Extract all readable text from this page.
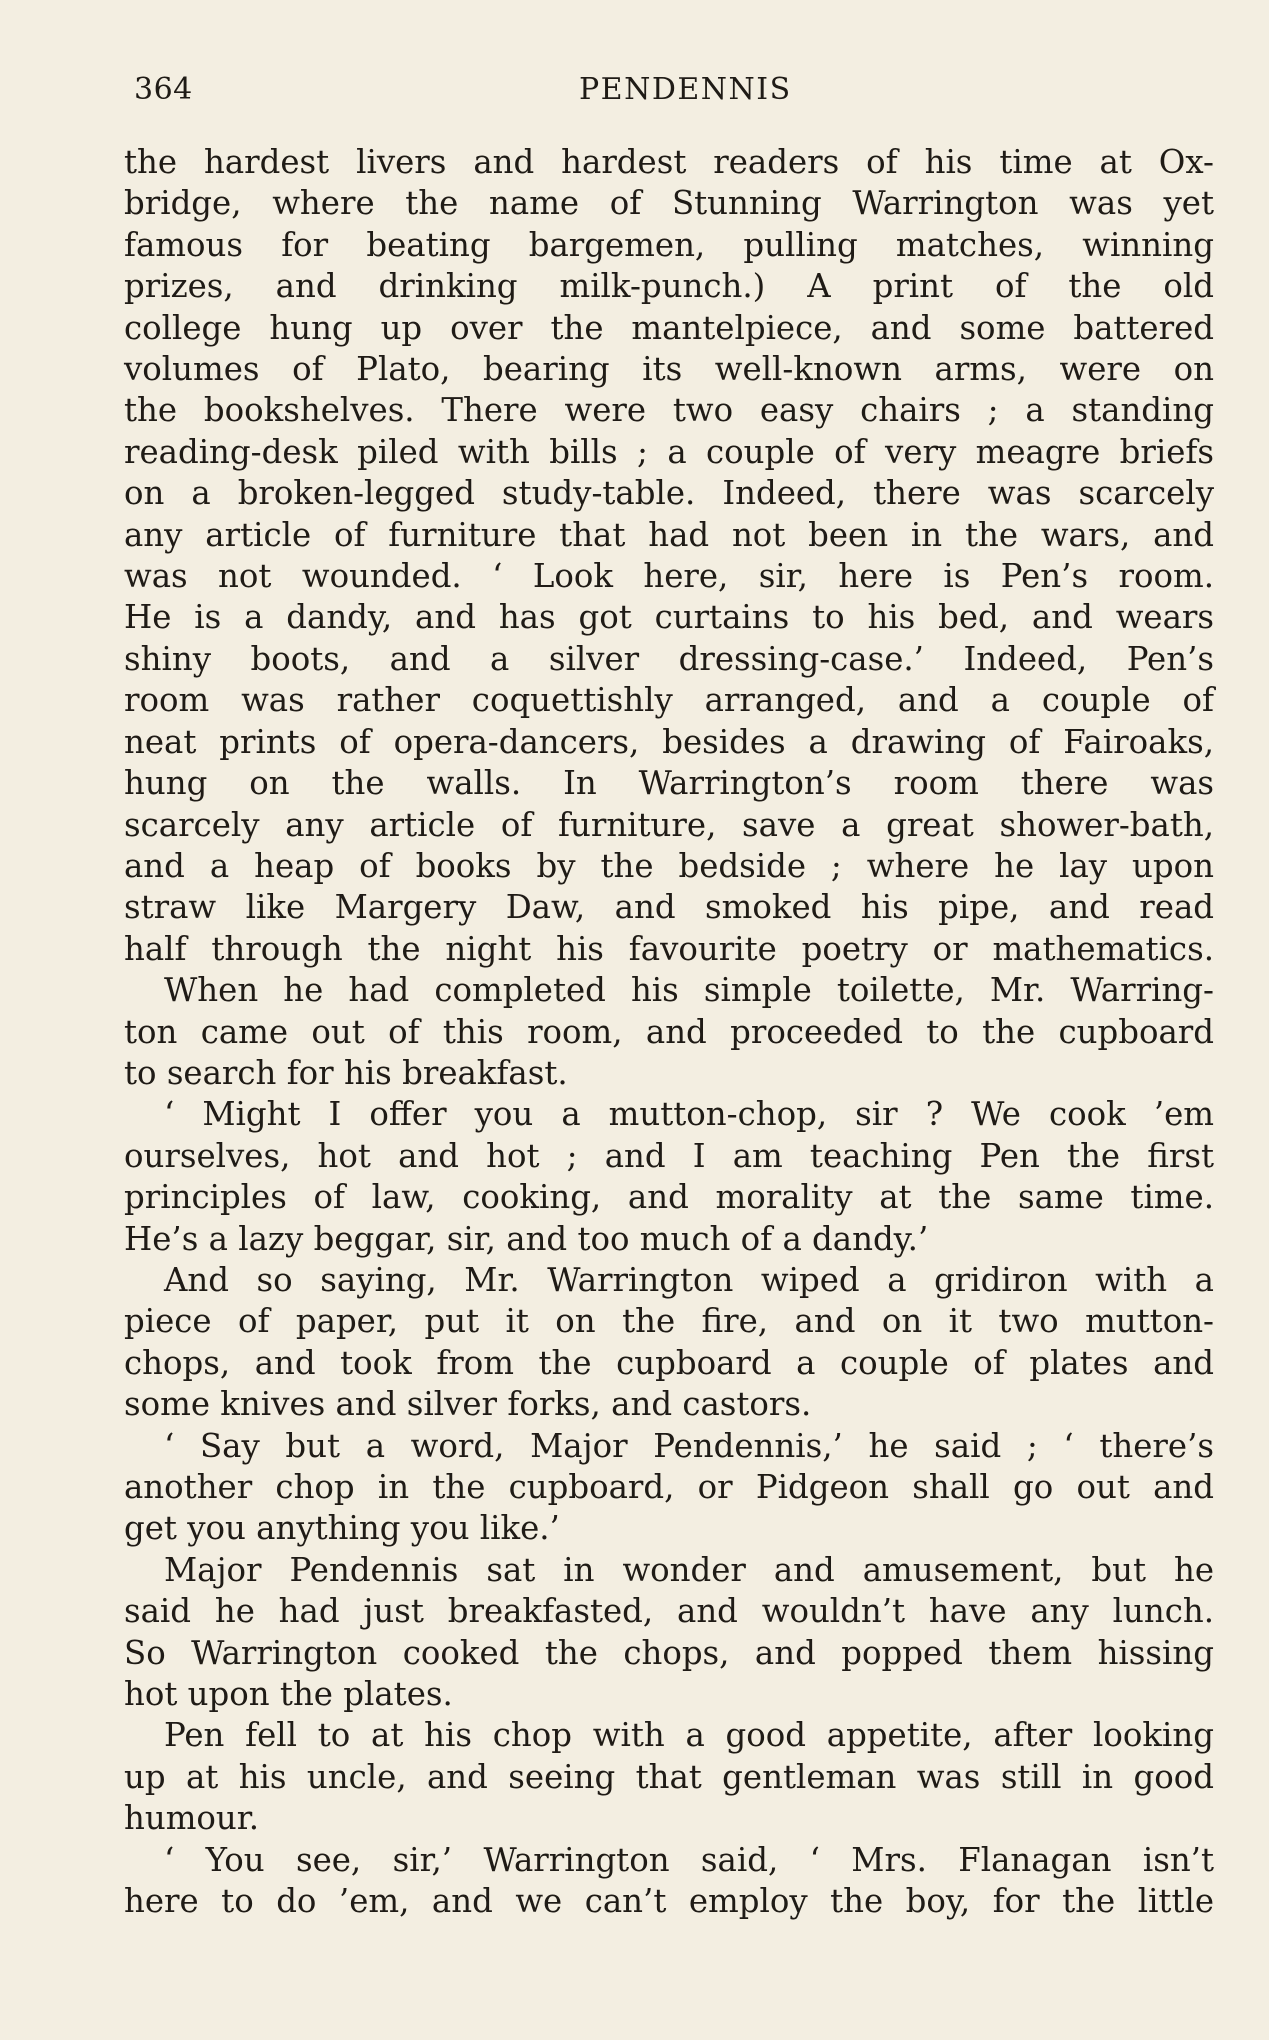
364	PENDENNIS
the hardest livers and hardest readers of his time at Ox-
bridge, where the name of Stunning Warrington was yet
famous for beating bargemen, pulling matches, winning
prizes, and drinking milk-punch.) A print of the old
college hung up over the mantelpiece, and some battered
volumes of Plato, bearing its well-known arms, were on
the bookshelves. There were two easy chairs ; a standing
reading-desk piled with bills ; a couple of very meagre briefs
on a broken-legged study-table. Indeed, there was scarcely
any article of furniture that had not been in the wars, and
was not wounded. ‘ Look here, sir, here is Pen’s room.
He is a dandy, and has got curtains to his bed, and wears
shiny boots, and a silver dressing-case.’ Indeed, Pen’s
room was rather coquettishly arranged, and a couple of
neat prints of opera-dancers, besides a drawing of Fairoaks,
hung on the walls. In Warrington’s room there was
scarcely any article of furniture, save a great shower-bath,
and a heap of books by the bedside ; where he lay upon
straw like Margery Daw, and smoked his pipe, and read
half through the night his favourite poetry or mathematics.
When he had completed his simple toilette, Mr. Warring-
ton came out of this room, and proceeded to the cupboard
to search for his breakfast.
‘ Might I offer you a mutton-chop, sir ? We cook ’em
ourselves, hot and hot ; and I am teaching Pen the first
principles of law, cooking, and morality at the same time.
He’s a lazy beggar, sir, and too much of a dandy.’
And so saying, Mr. Warrington wiped a gridiron with a
piece of paper, put it on the fire, and on it two mutton-
chops, and took from the cupboard a couple of plates and
some knives and silver forks, and castors.
‘ Say but a word, Major Pendennis,’ he said ; ‘ there’s
another chop in the cupboard, or Pidgeon shall go out and
get you anything you like.’
Major Pendennis sat in wonder and amusement, but he
said he had just breakfasted, and wouldn’t have any lunch.
So Warrington cooked the chops, and popped them hissing
hot upon the plates.
Pen fell to at his chop with a good appetite, after looking
up at his uncle, and seeing that gentleman was still in good
humour.
‘ You see, sir,’ Warrington said, ‘ Mrs. Flanagan isn’t
here to do ’em, and we can’t employ the boy, for the little
